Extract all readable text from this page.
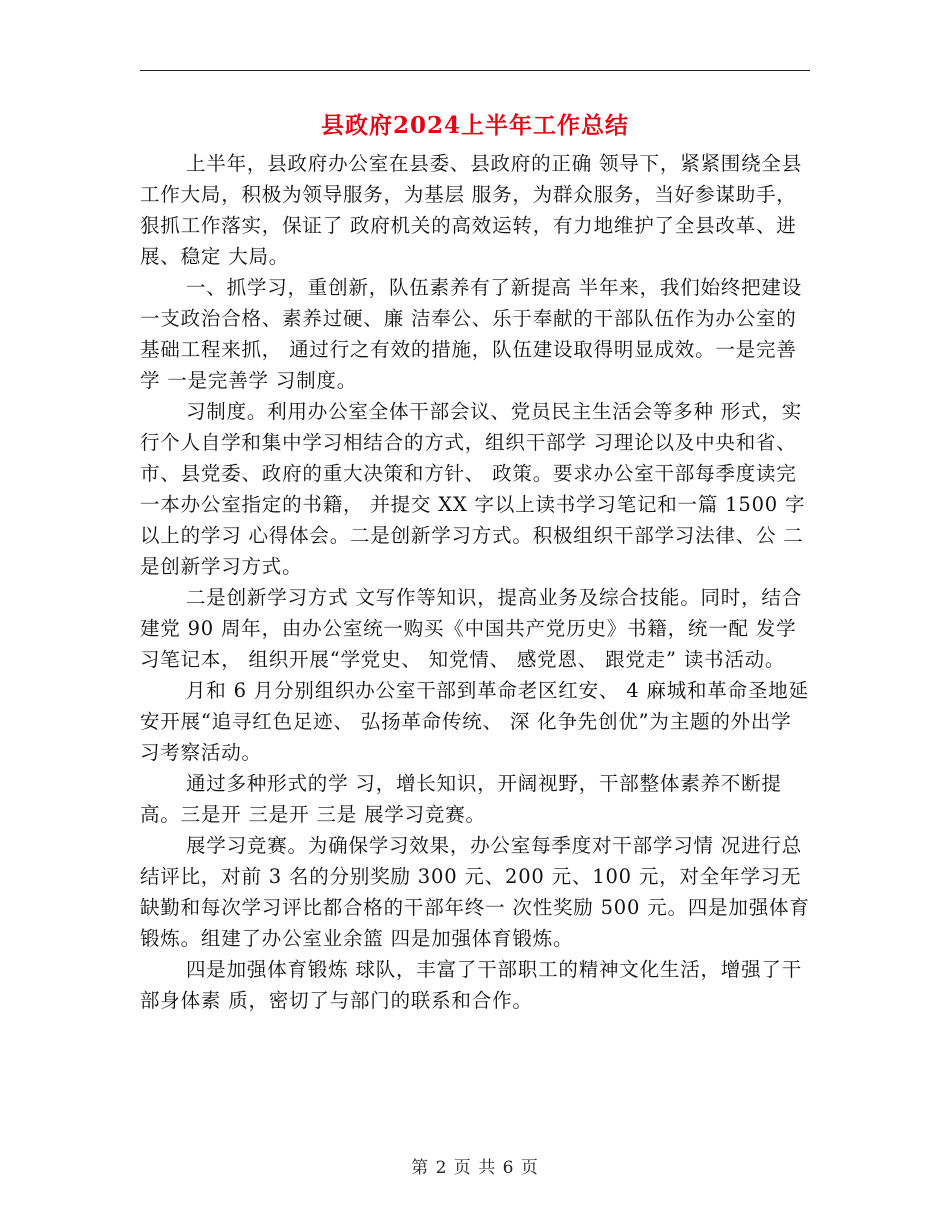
县政府2024上半年工作总结

上半年，县政府办公室在县委、县政府的正确 领导下，紧紧围绕全县工作大局，积极为领导服务，为基层 服务，为群众服务，当好参谋助手，狠抓工作落实，保证了 政府机关的高效运转，有力地维护了全县改革、进展、稳定 大局。

一、抓学习，重创新，队伍素养有了新提高 半年来，我们始终把建设一支政治合格、素养过硬、廉 洁奉公、乐于奉献的干部队伍作为办公室的基础工程来抓， 通过行之有效的措施，队伍建设取得明显成效。一是完善学 一是完善学 习制度。

习制度。利用办公室全体干部会议、党员民主生活会等多种 形式，实行个人自学和集中学习相结合的方式，组织干部学 习理论以及中央和省、市、县党委、政府的重大决策和方针、 政策。要求办公室干部每季度读完一本办公室指定的书籍， 并提交 XX 字以上读书学习笔记和一篇 1500 字以上的学习 心得体会。二是创新学习方式。积极组织干部学习法律、公 二是创新学习方式。

二是创新学习方式 文写作等知识，提高业务及综合技能。同时，结合建党 90 周年，由办公室统一购买《中国共产党历史》书籍，统一配 发学习笔记本， 组织开展“学党史、 知党情、 感党恩、 跟党走” 读书活动。

月和 6 月分别组织办公室干部到革命老区红安、 4 麻城和革命圣地延安开展“追寻红色足迹、 弘扬革命传统、 深 化争先创优”为主题的外出学习考察活动。

通过多种形式的学 习，增长知识，开阔视野，干部整体素养不断提高。三是开 三是开 三是 展学习竞赛。

展学习竞赛。为确保学习效果，办公室每季度对干部学习情 况进行总结评比，对前 3 名的分别奖励 300 元、200 元、100 元，对全年学习无缺勤和每次学习评比都合格的干部年终一 次性奖励 500 元。四是加强体育锻炼。组建了办公室业余篮 四是加强体育锻炼。

四是加强体育锻炼 球队，丰富了干部职工的精神文化生活，增强了干部身体素 质，密切了与部门的联系和合作。

第 2 页 共 6 页
